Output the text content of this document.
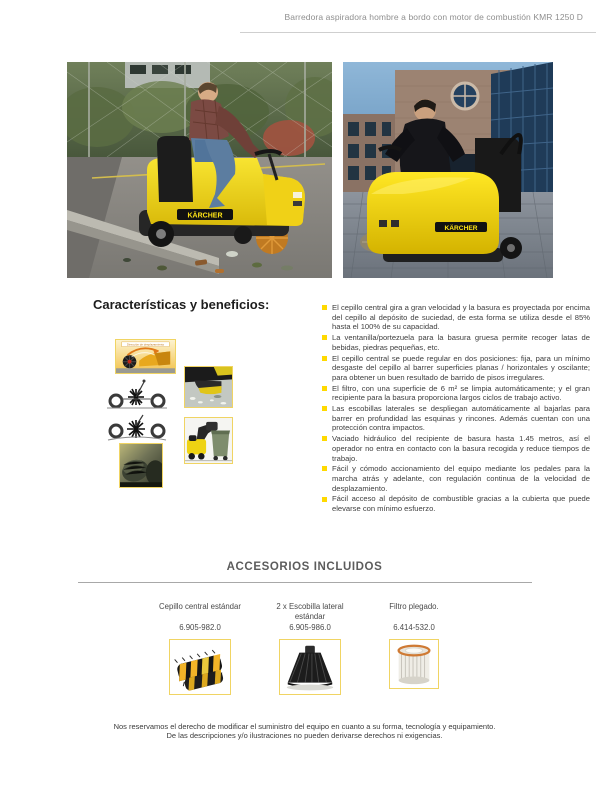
Barredora aspiradora hombre a bordo con motor de combustión KMR 1250 D
KÄRCHER
KÄRCHER
Características y beneficios:
Dirección de desplazamiento
El cepillo central gira a gran velocidad y la basura es proyectada por encima del cepillo al depósito de suciedad, de esta forma se utiliza desde el 85% hasta el 100% de su capacidad.
La ventanilla/portezuela para la basura gruesa permite recoger latas de bebidas, piedras pequeñas, etc.
El cepillo central se puede regular en dos posiciones: fija, para un mínimo desgaste del cepillo al barrer superficies planas / horizontales y oscilante; para obtener un buen resultado de barrido de pisos irregulares.
El filtro, con una superficie de 6 m² se limpia automáticamente; y el gran recipiente para la basura proporciona largos ciclos de trabajo activo.
Las escobillas laterales se despliegan automáticamente al bajarlas para barrer en profundidad las esquinas y rincones. Además cuentan con una protección contra impactos.
Vaciado hidráulico del recipiente de basura hasta 1.45 metros, así el operador no entra en contacto con la basura recogida y reduce tiempos de trabajo.
Fácil y cómodo accionamiento del equipo mediante los pedales para la marcha atrás y adelante, con regulación continua de la velocidad de desplazamiento.
Fácil acceso al depósito de combustible gracias a la cubierta que puede elevarse con mínimo esfuerzo.
ACCESORIOS INCLUIDOS
Cepillo central estándar
6.905-982.0
2 x Escobilla lateral estándar
6.905-986.0
Filtro plegado.
6.414-532.0
Nos reservamos el derecho de modificar el suministro del equipo en cuanto a su forma, tecnología y equipamiento.
De las descripciones y/o ilustraciones no pueden derivarse derechos ni exigencias.
